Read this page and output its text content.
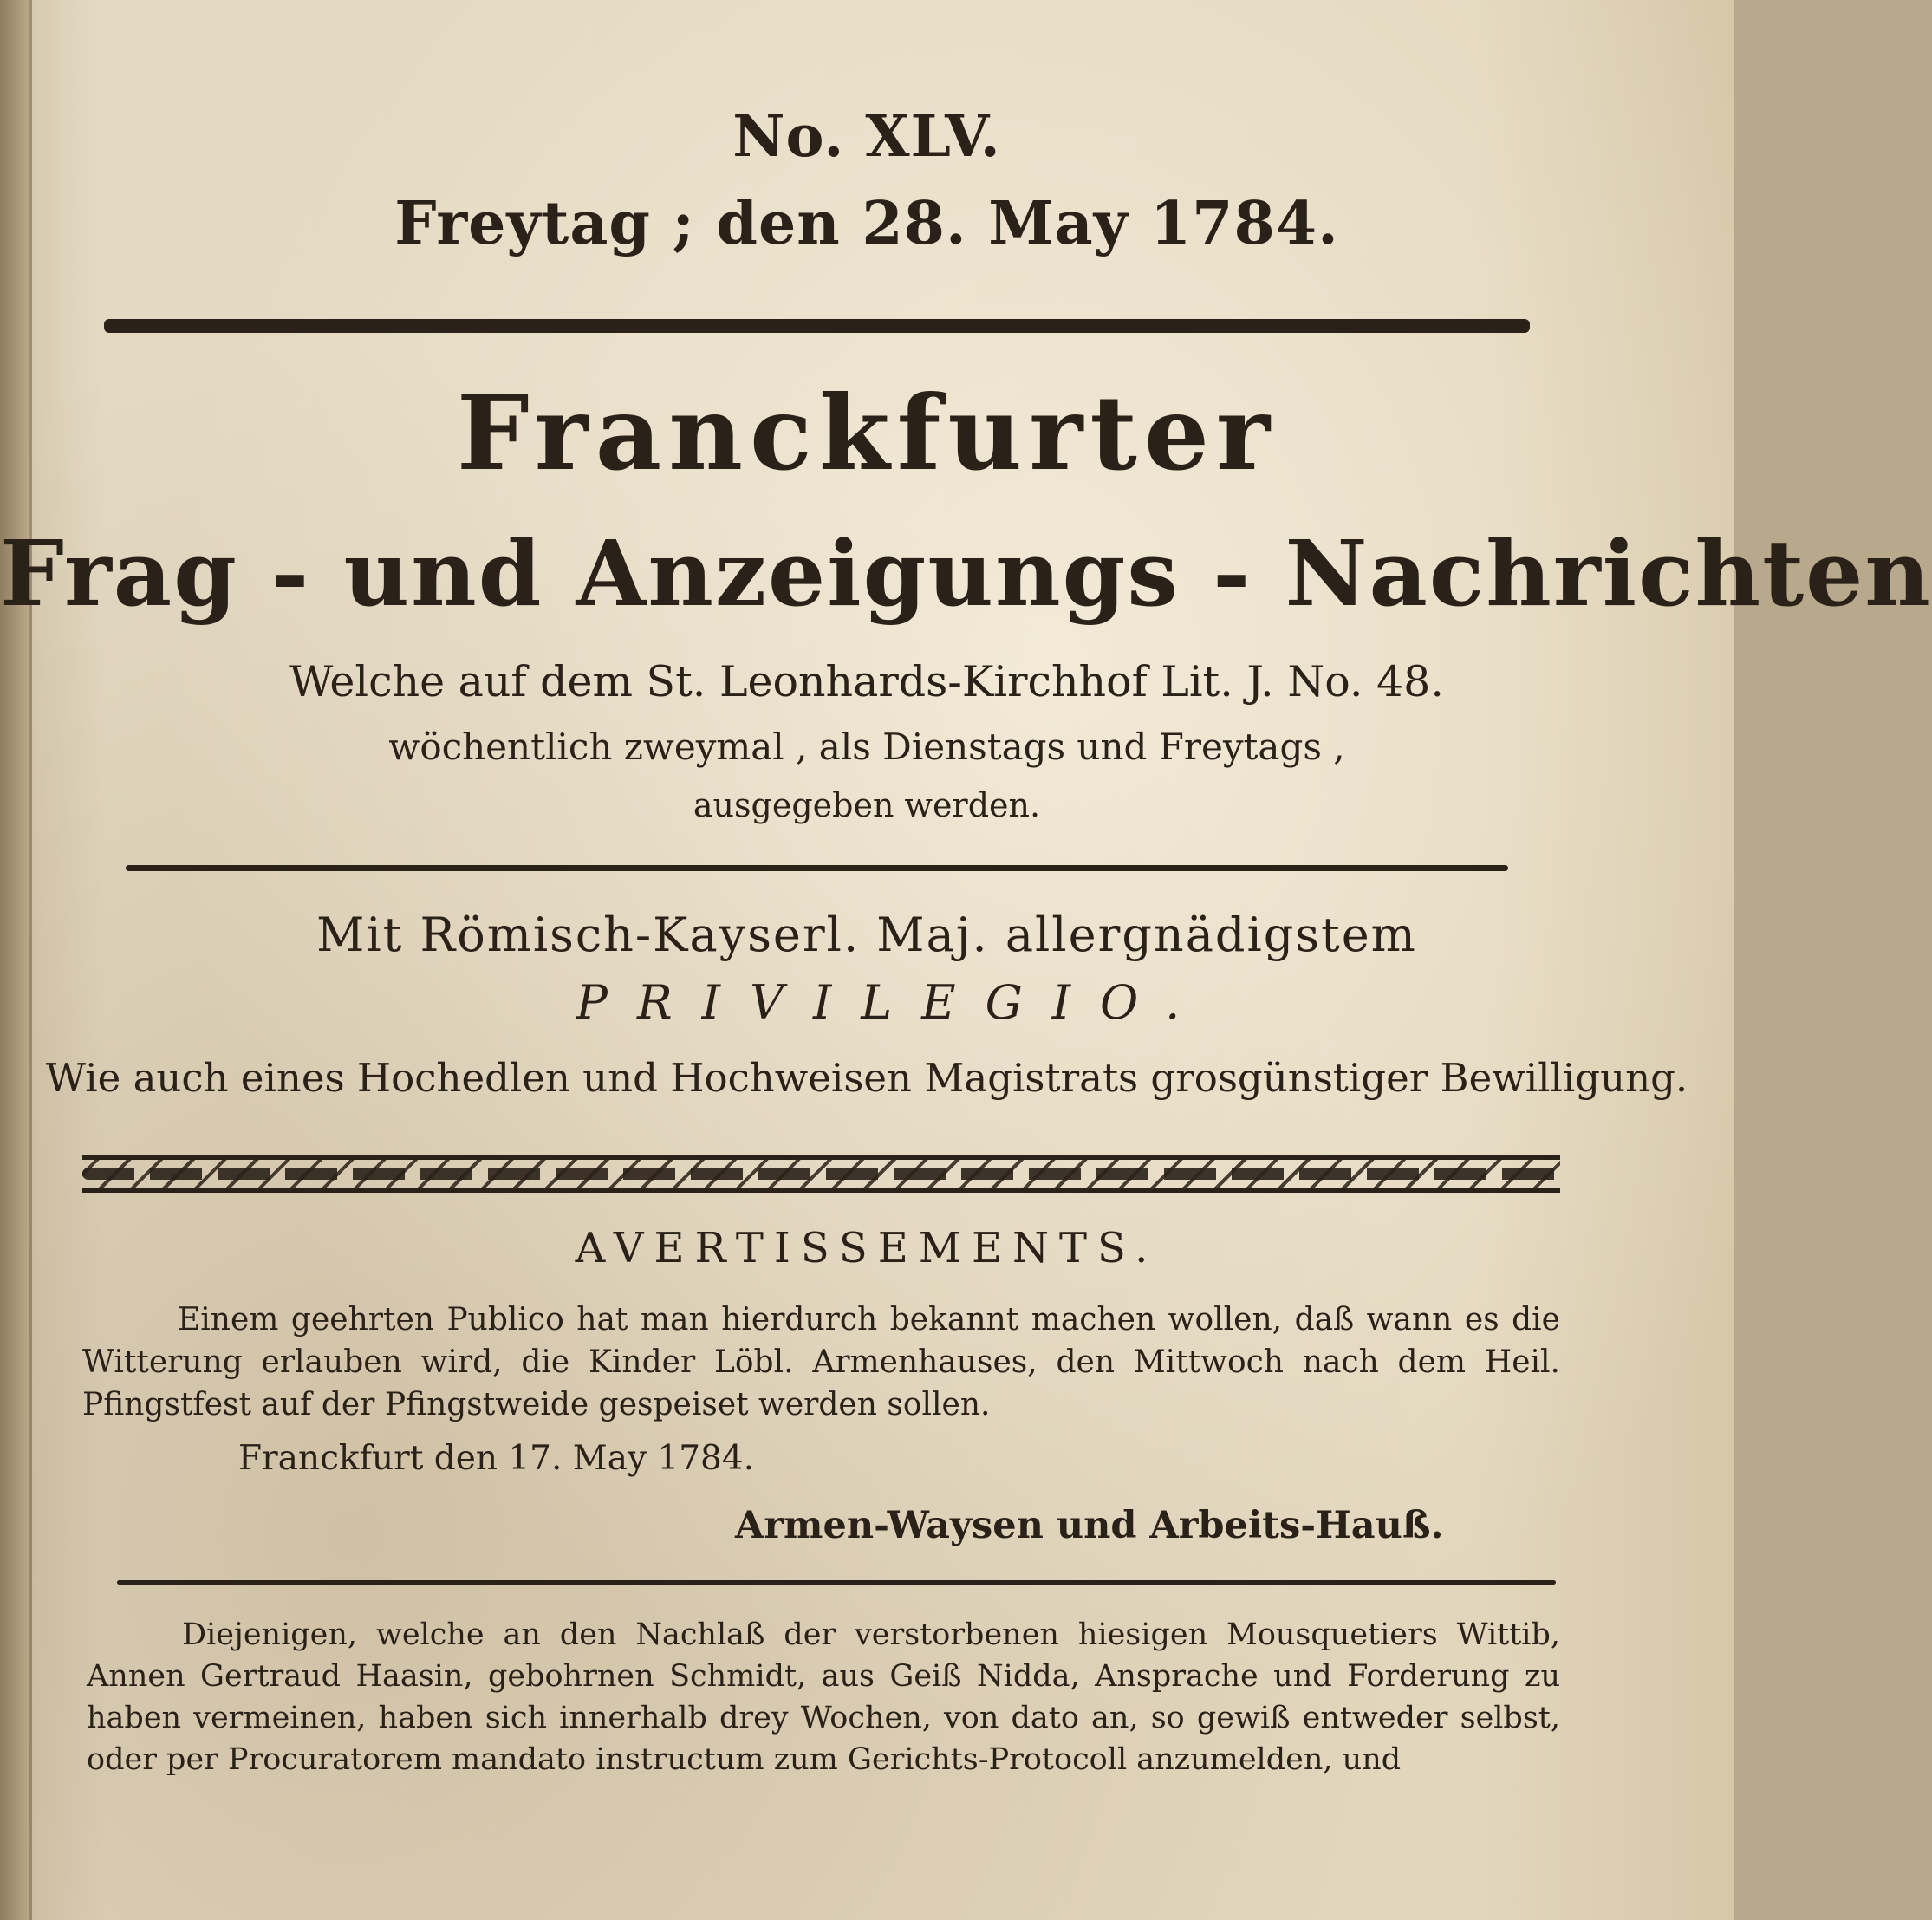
No. XLV.
Freytag ; den 28. May 1784.
Franckfurter
Frag - und Anzeigungs - Nachrichten
Welche auf dem St. Leonhards-Kirchhof Lit. J. No. 48.
wöchentlich zweymal , als Dienstags und Freytags ,
ausgegeben werden.
Mit Römisch-Kayserl. Maj. allergnädigstem
PRIVILEGIO.
Wie auch eines Hochedlen und Hochweisen Magistrats grosgünstiger Bewilligung.
AVERTISSEMENTS.
Einem geehrten Publico hat man hierdurch bekannt machen wollen, daß wann es die Witterung erlauben wird, die Kinder Löbl. Armenhauses, den Mittwoch nach dem Heil. Pfingstfest auf der Pfingstweide gespeiset werden sollen.
Franckfurt den 17. May 1784.
Armen-Waysen und Arbeits-Hauß.
Diejenigen, welche an den Nachlaß der verstorbenen hiesigen Mousquetiers Wittib, Annen Gertraud Haasin, gebohrnen Schmidt, aus Geiß Nidda, Ansprache und Forderung zu haben vermeinen, haben sich innerhalb drey Wochen, von dato an, so gewiß entweder selbst, oder per Procuratorem mandato instructum zum Gerichts-Protocoll anzumelden, und
